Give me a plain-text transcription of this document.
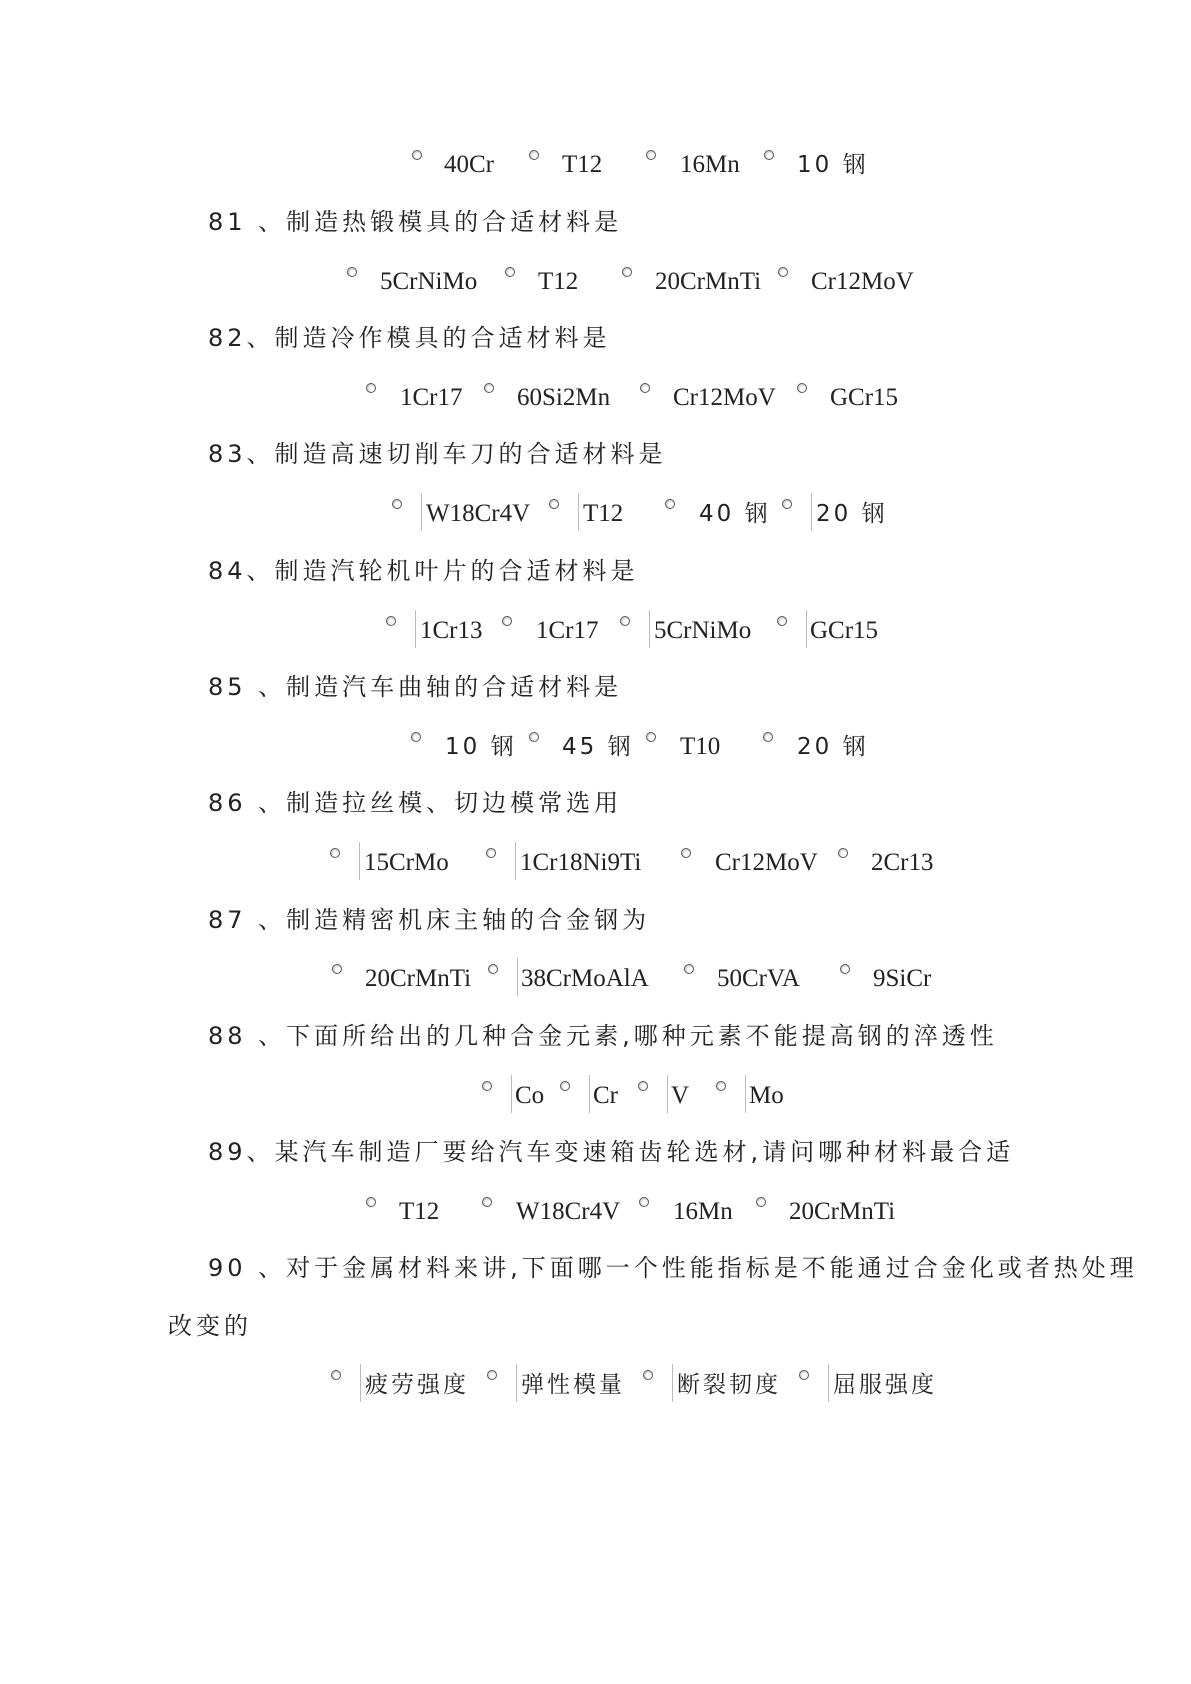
40Cr	T12	16Mn 10 钢
81 、制造热锻模具的合适材料是
5CrNiMo T12	20CrMnTi Cr12MoV
82、制造冷作模具的合适材料是
1Cr17 60Si2Mn	Cr12MoV GCr15
83、制造高速切削车刀的合适材料是
W18Cr4V T12	40 钢 20 钢
84、制造汽轮机叶片的合适材料是
1Cr13 1Cr17 5CrNiMo GCr15
85 、制造汽车曲轴的合适材料是
10 钢 45 钢 T10	20 钢
86 、制造拉丝模、切边模常选用
15CrMo	1Cr18Ni9Ti	Cr12MoV 2Cr13
87 、制造精密机床主轴的合金钢为
20CrMnTi 38CrMoAlA	50CrVA	9SiCr
88 、下面所给出的几种合金元素,哪种元素不能提高钢的淬透性
Co Cr V Mo
89、某汽车制造厂要给汽车变速箱齿轮选材,请问哪种材料最合适
T12	W18Cr4V 16Mn 20CrMnTi
90 、对于金属材料来讲,下面哪一个性能指标是不能通过合金化或者热处理
改变的
疲劳强度 弹性模量 断裂韧度 屈服强度
